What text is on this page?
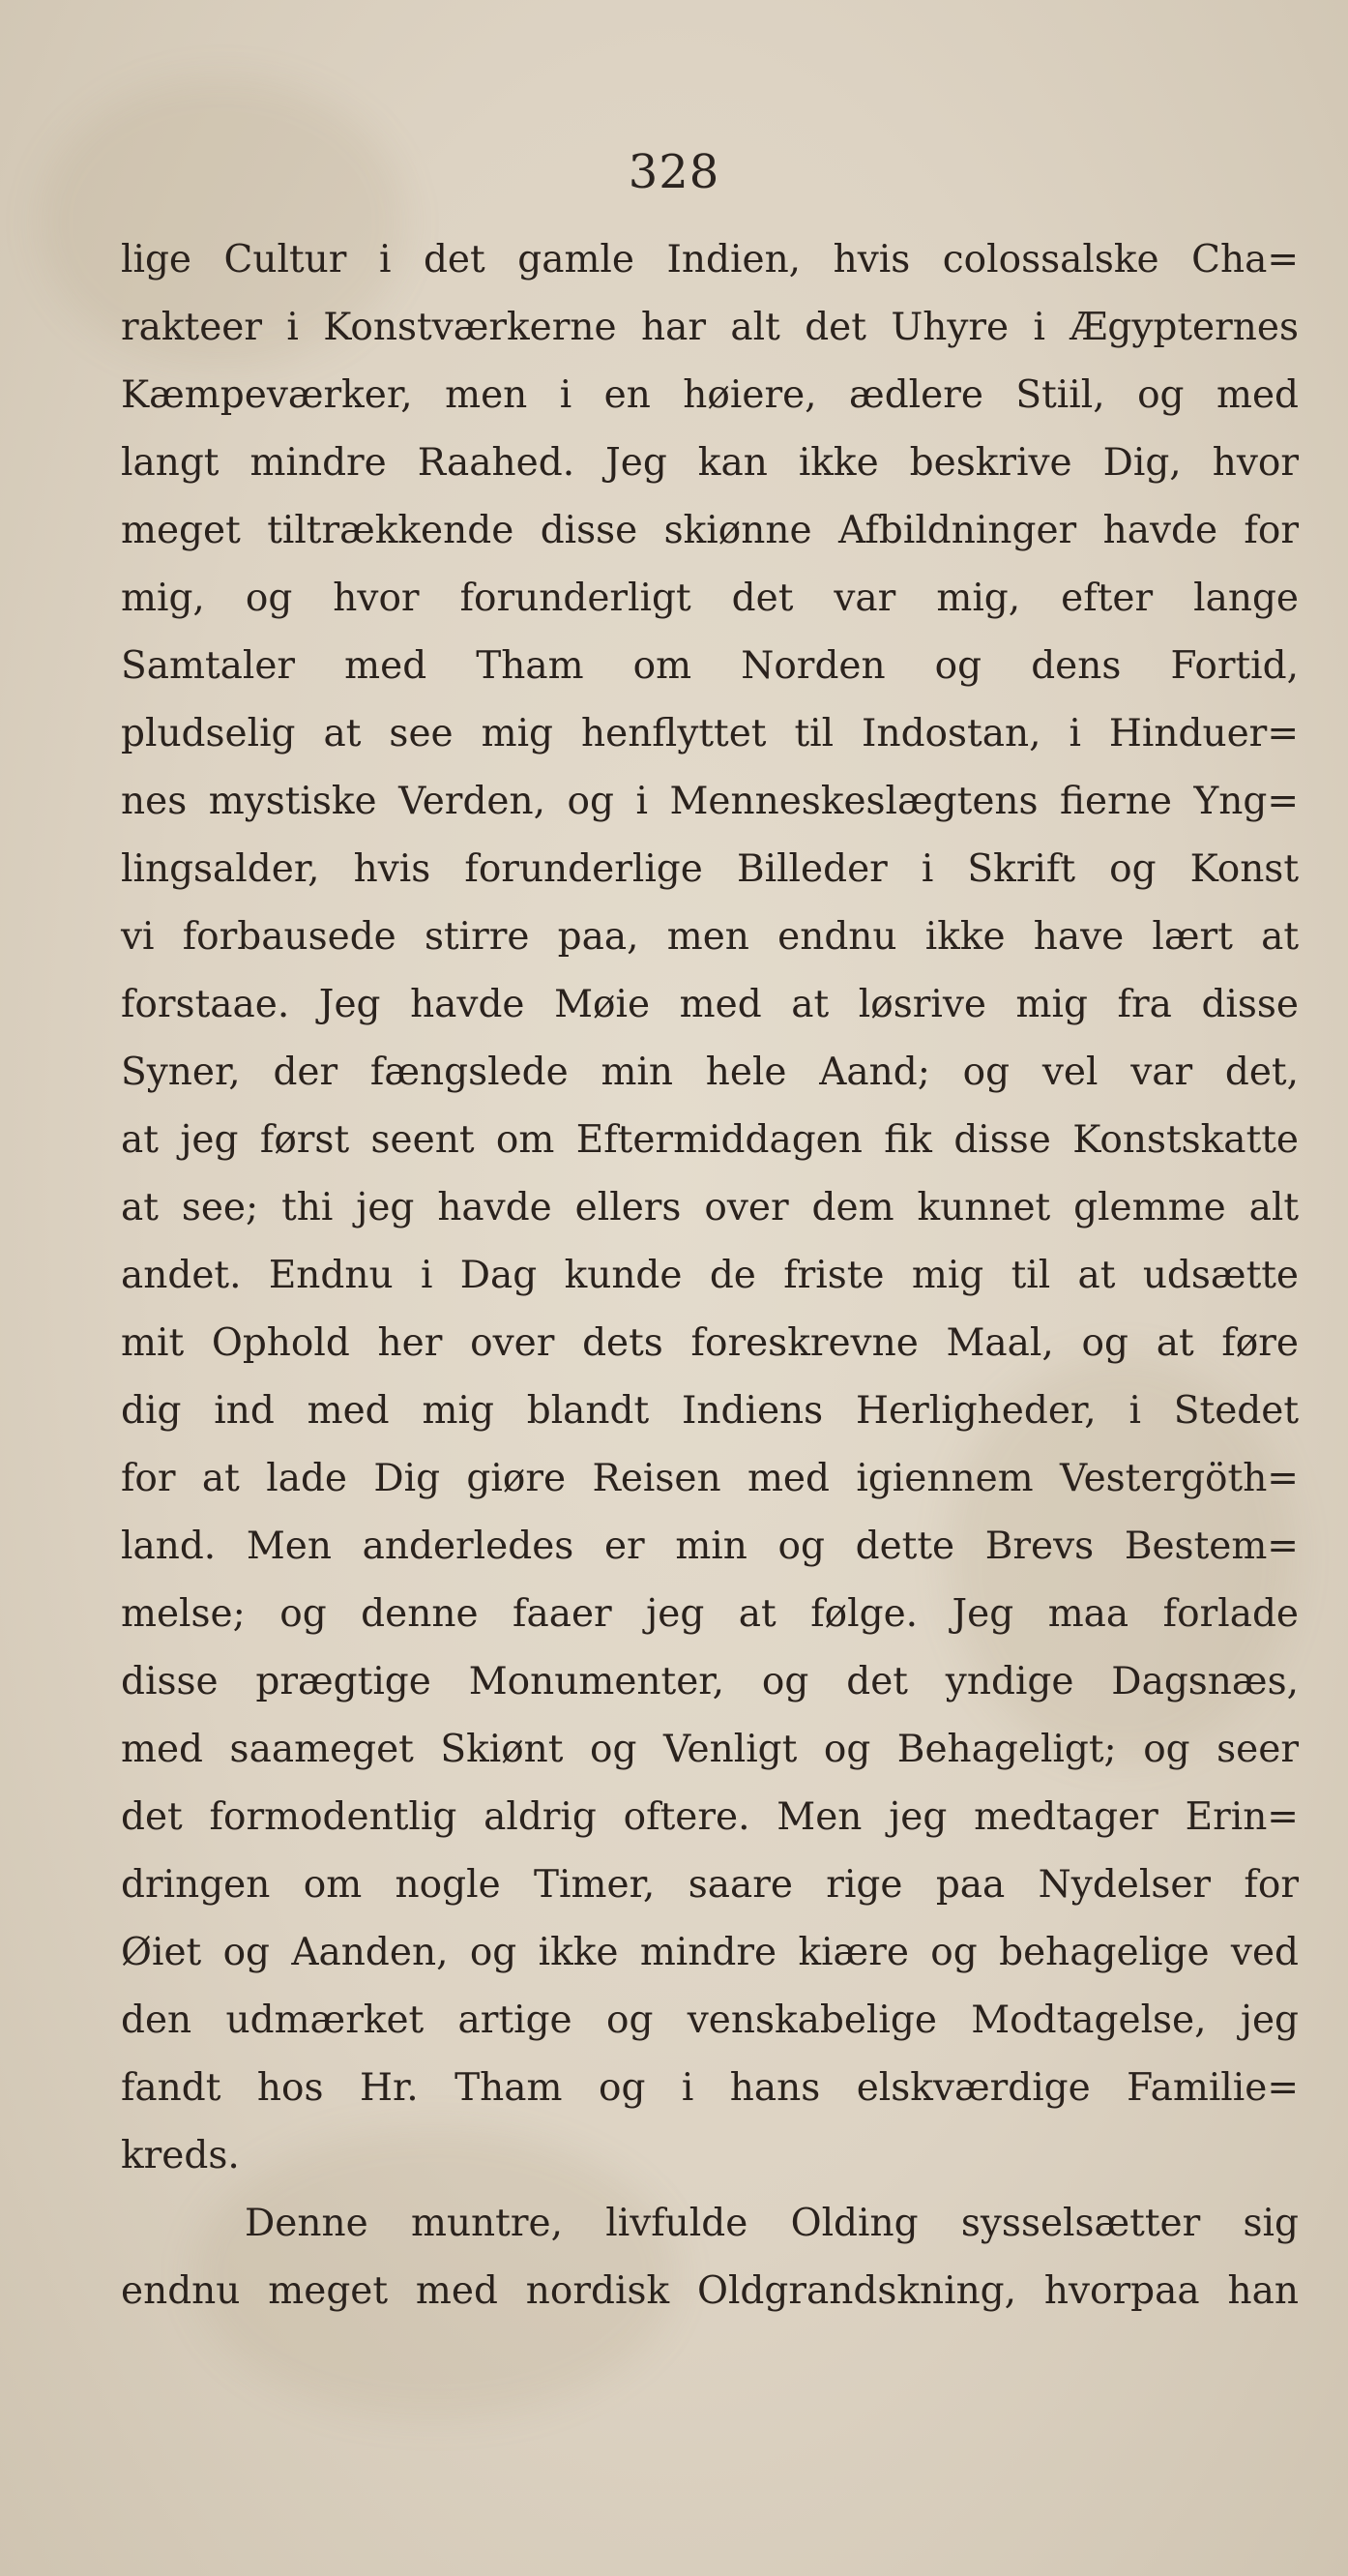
328
lige Cultur i det gamle Indien, hvis colossalske Cha=
rakteer i Konstværkerne har alt det Uhyre i Ægypternes
Kæmpeværker, men i en høiere, ædlere Stiil, og med
langt mindre Raahed. Jeg kan ikke beskrive Dig, hvor
meget tiltrækkende disse skiønne Afbildninger havde for
mig, og hvor forunderligt det var mig, efter lange
Samtaler med Tham om Norden og dens Fortid,
pludselig at see mig henflyttet til Indostan, i Hinduer=
nes mystiske Verden, og i Menneskeslægtens fierne Yng=
lingsalder, hvis forunderlige Billeder i Skrift og Konst
vi forbausede stirre paa, men endnu ikke have lært at
forstaae. Jeg havde Møie med at løsrive mig fra disse
Syner, der fængslede min hele Aand; og vel var det,
at jeg først seent om Eftermiddagen fik disse Konstskatte
at see; thi jeg havde ellers over dem kunnet glemme alt
andet. Endnu i Dag kunde de friste mig til at udsætte
mit Ophold her over dets foreskrevne Maal, og at føre
dig ind med mig blandt Indiens Herligheder, i Stedet
for at lade Dig giøre Reisen med igiennem Vestergöth=
land. Men anderledes er min og dette Brevs Bestem=
melse; og denne faaer jeg at følge. Jeg maa forlade
disse prægtige Monumenter, og det yndige Dagsnæs,
med saameget Skiønt og Venligt og Behageligt; og seer
det formodentlig aldrig oftere. Men jeg medtager Erin=
dringen om nogle Timer, saare rige paa Nydelser for
Øiet og Aanden, og ikke mindre kiære og behagelige ved
den udmærket artige og venskabelige Modtagelse, jeg
fandt hos Hr. Tham og i hans elskværdige Familie=
kreds.
Denne muntre, livfulde Olding sysselsætter sig
endnu meget med nordisk Oldgrandskning, hvorpaa han
